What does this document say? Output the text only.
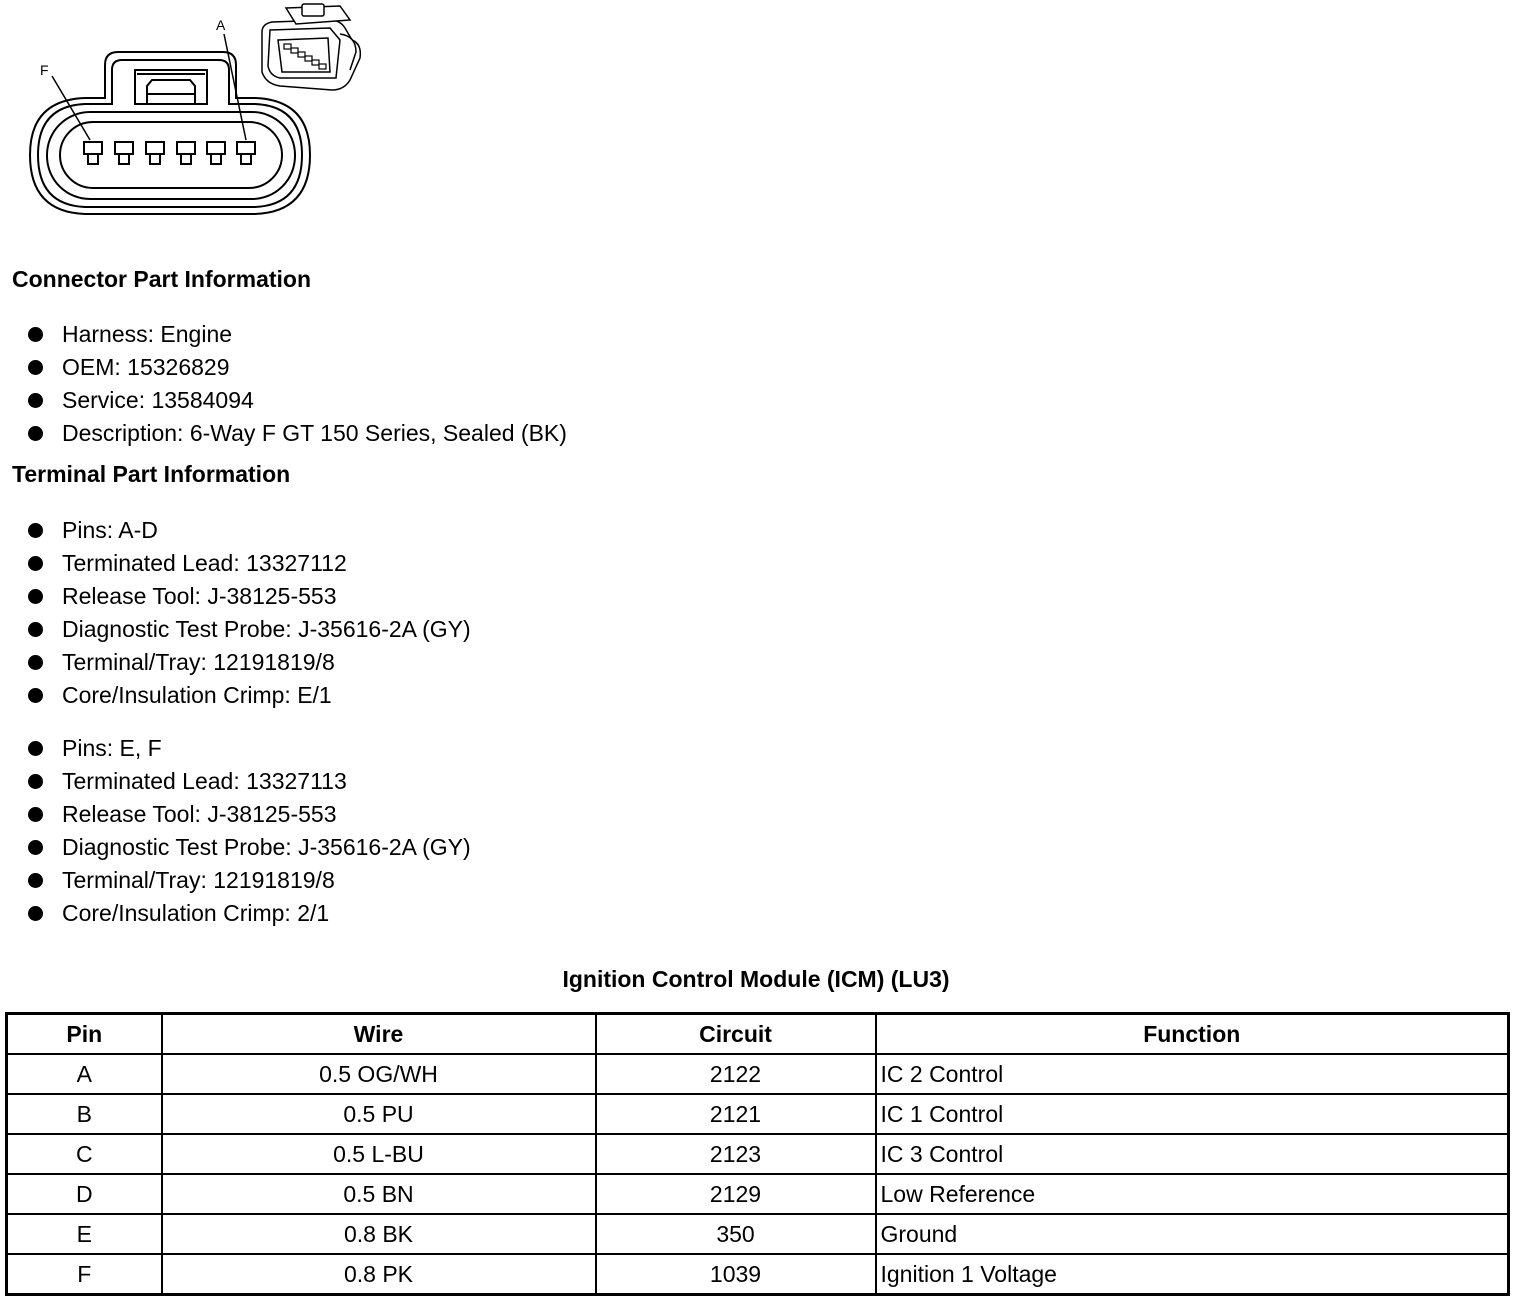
F
A
Connector Part Information
Harness: Engine
OEM: 15326829
Service: 13584094
Description: 6-Way F GT 150 Series, Sealed (BK)
Terminal Part Information
Pins: A-D
Terminated Lead: 13327112
Release Tool: J-38125-553
Diagnostic Test Probe: J-35616-2A (GY)
Terminal/Tray: 12191819/8
Core/Insulation Crimp: E/1
Pins: E, F
Terminated Lead: 13327113
Release Tool: J-38125-553
Diagnostic Test Probe: J-35616-2A (GY)
Terminal/Tray: 12191819/8
Core/Insulation Crimp: 2/1
Ignition Control Module (ICM) (LU3)
Pin	Wire	Circuit	Function
A	0.5 OG/WH	2122	IC 2 Control
B	0.5 PU	2121	IC 1 Control
C	0.5 L-BU	2123	IC 3 Control
D	0.5 BN	2129	Low Reference
E	0.8 BK	350	Ground
F	0.8 PK	1039	Ignition 1 Voltage
